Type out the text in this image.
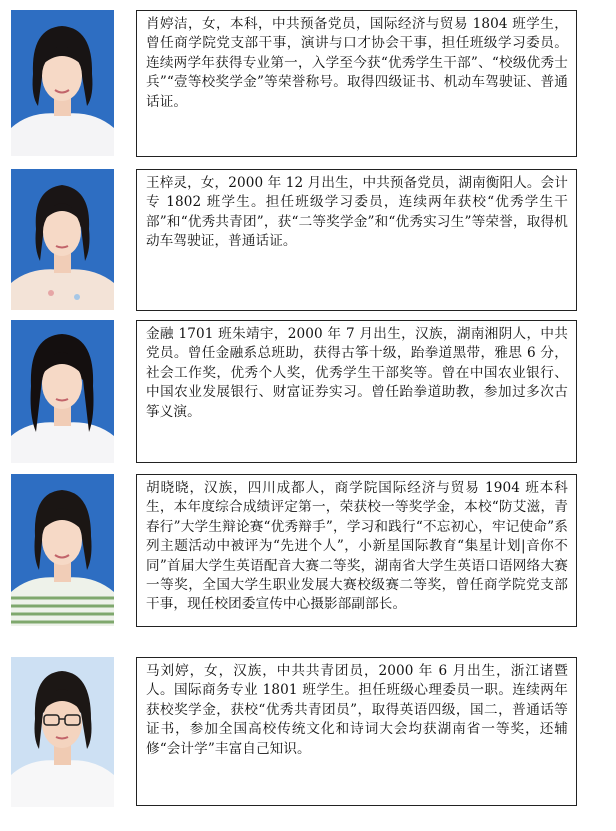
肖婷洁，女，本科，中共预备党员，国际经济与贸易 1804 班学生，曾任商学院党支部干事，演讲与口才协会干事，担任班级学习委员。连续两学年获得专业第一，入学至今获“优秀学生干部”、“校级优秀士兵”“壹等校奖学金”等荣誉称号。取得四级证书、机动车驾驶证、普通话证。
王梓灵，女，2000 年 12 月出生，中共预备党员，湖南衡阳人。会计专 1802 班学生。担任班级学习委员，连续两年获校“优秀学生干部”和“优秀共青团”，获“二等奖学金”和“优秀实习生”等荣誉，取得机动车驾驶证，普通话证。
金融 1701 班朱靖宇，2000 年 7 月出生，汉族，湖南湘阴人，中共党员。曾任金融系总班助，获得古筝十级，跆拳道黑带，雅思 6 分，社会工作奖，优秀个人奖，优秀学生干部奖等。曾在中国农业银行、中国农业发展银行、财富证券实习。曾任跆拳道助教，参加过多次古筝义演。
胡晓晓，汉族，四川成都人，商学院国际经济与贸易 1904 班本科生，本年度综合成绩评定第一，荣获校一等奖学金，本校“防艾滋，青春行”大学生辩论赛“优秀辩手”，学习和践行“不忘初心，牢记使命”系列主题活动中被评为“先进个人”，小新星国际教育“集星计划|音你不同”首届大学生英语配音大赛二等奖，湖南省大学生英语口语网络大赛一等奖，全国大学生职业发展大赛校级赛二等奖，曾任商学院党支部干事，现任校团委宣传中心摄影部副部长。
马刘婷，女，汉族，中共共青团员，2000 年 6 月出生，浙江诸暨人。国际商务专业 1801 班学生。担任班级心理委员一职。连续两年获校奖学金，获校“优秀共青团员”，取得英语四级，国二，普通话等证书，参加全国高校传统文化和诗词大会均获湖南省一等奖，还辅修“会计学”丰富自己知识。
